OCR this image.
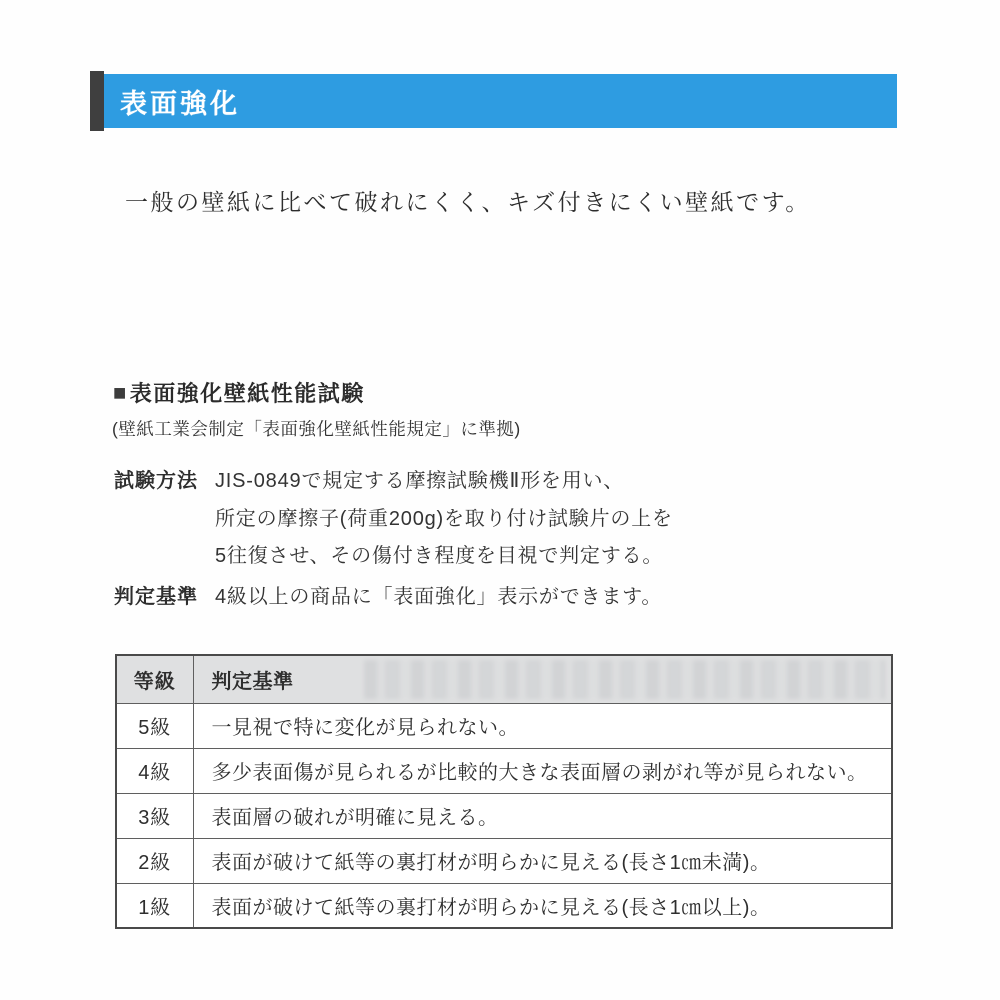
表面強化
一般の壁紙に比べて破れにくく、キズ付きにくい壁紙です。
■ 表面強化壁紙性能試験
(壁紙工業会制定「表面強化壁紙性能規定」に準拠)
試験方法 JIS-0849で規定する摩擦試験機Ⅱ形を用い、
所定の摩擦子(荷重200g)を取り付け試験片の上を
5往復させ、その傷付き程度を目視で判定する。
判定基準 4級以上の商品に「表面強化」表示ができます。
等級	判定基準

5級	一見視で特に変化が見られない。
4級	多少表面傷が見られるが比較的大きな表面層の剥がれ等が見られない。
3級	表面層の破れが明確に見える。
2級	表面が破けて紙等の裏打材が明らかに見える(長さ1㎝未満)。
1級	表面が破けて紙等の裏打材が明らかに見える(長さ1㎝以上)。
